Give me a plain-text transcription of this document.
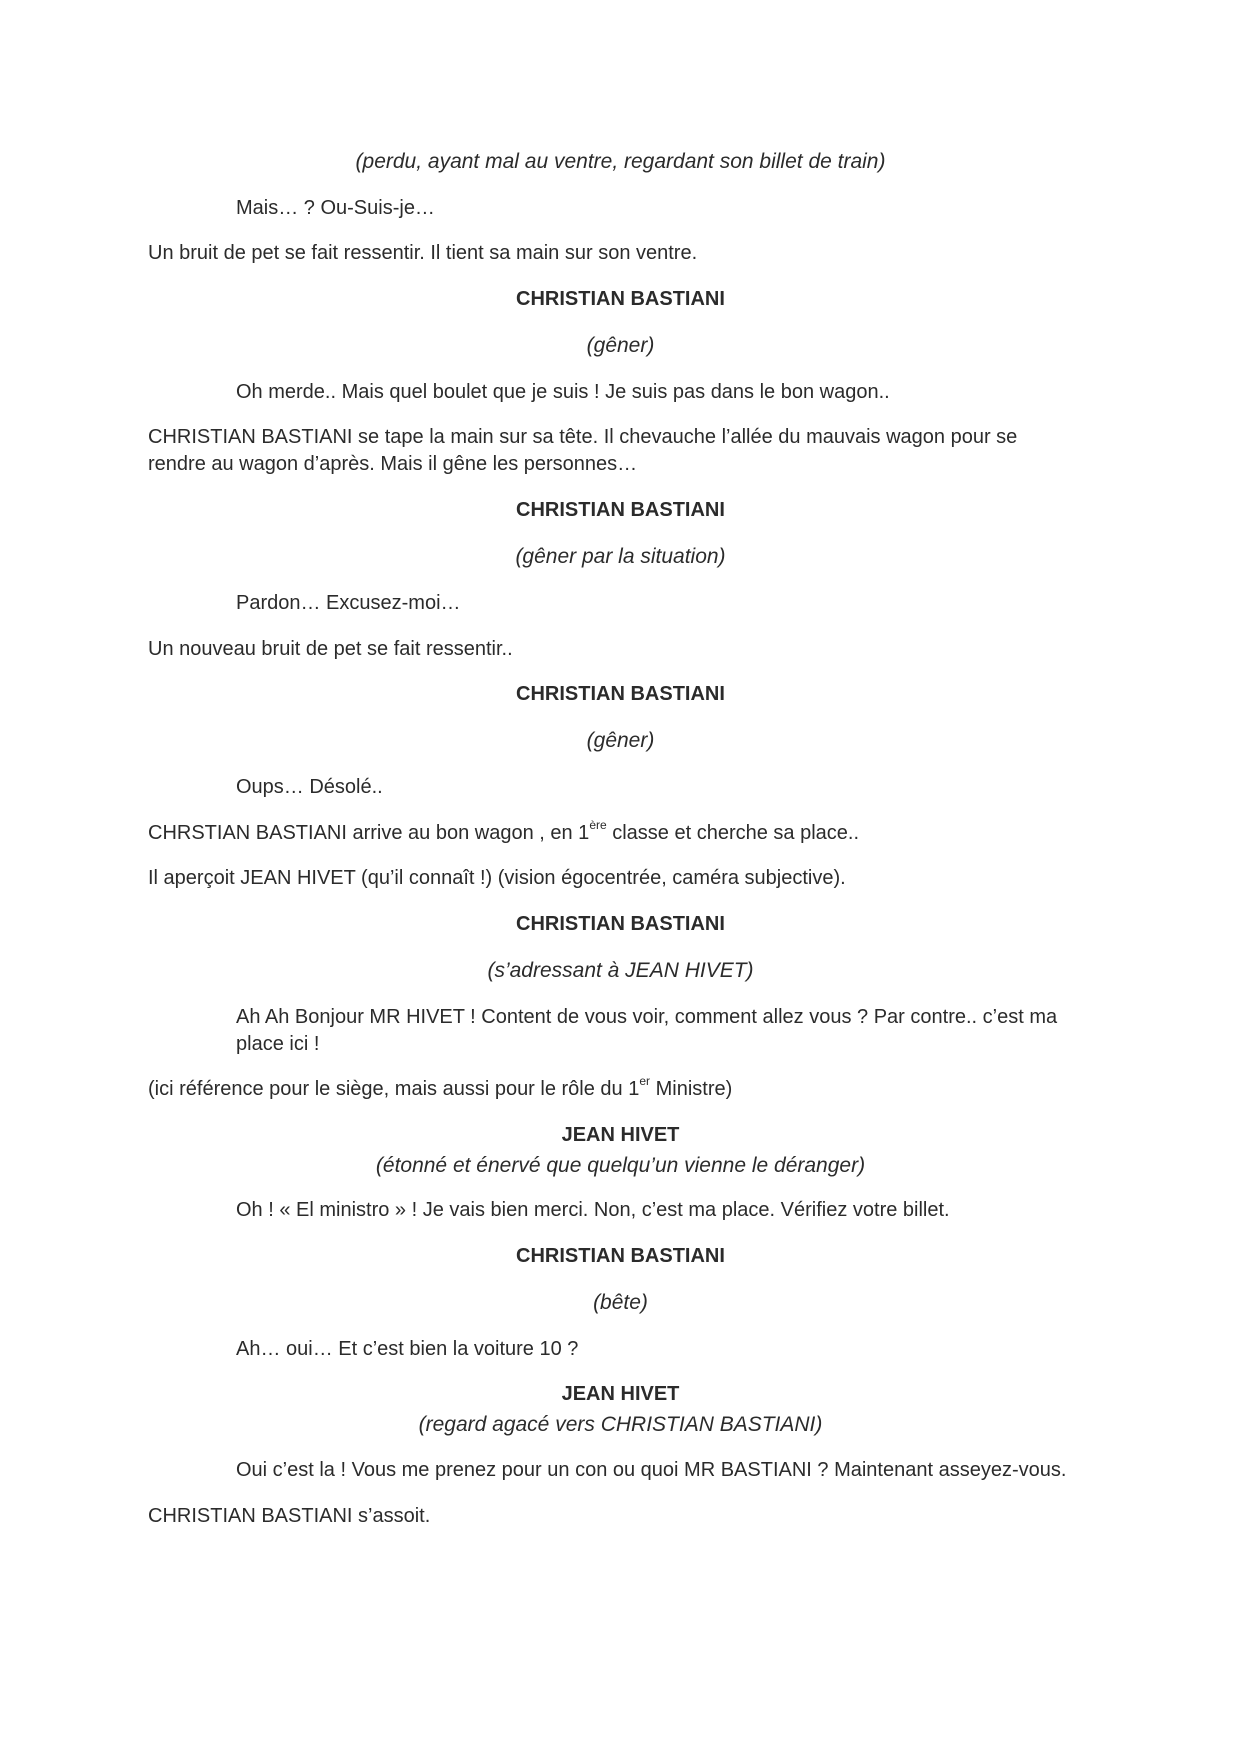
(perdu, ayant mal au ventre, regardant son billet de train)
Mais… ? Ou-Suis-je…
Un bruit de pet se fait ressentir. Il tient sa main sur son ventre.
CHRISTIAN BASTIANI
(gêner)
Oh merde.. Mais quel boulet que je suis ! Je suis pas dans le bon wagon..
CHRISTIAN BASTIANI se tape la main sur sa tête. Il chevauche l’allée du mauvais wagon pour se
rendre au wagon d’après. Mais il gêne les personnes…
CHRISTIAN BASTIANI
(gêner par la situation)
Pardon… Excusez-moi…
Un nouveau bruit de pet se fait ressentir..
CHRISTIAN BASTIANI
(gêner)
Oups… Désolé..
CHRSTIAN BASTIANI arrive au bon wagon , en 1ère classe et cherche sa place..
Il aperçoit JEAN HIVET (qu’il connaît !) (vision égocentrée, caméra subjective).
CHRISTIAN BASTIANI
(s’adressant à JEAN HIVET)
Ah Ah Bonjour MR HIVET ! Content de vous voir, comment allez vous ? Par contre.. c’est ma
place ici !
(ici référence pour le siège, mais aussi pour le rôle du 1er Ministre)
JEAN HIVET
(étonné et énervé que quelqu’un vienne le déranger)
Oh ! « El ministro » ! Je vais bien merci. Non, c’est ma place. Vérifiez votre billet.
CHRISTIAN BASTIANI
(bête)
Ah… oui… Et c’est bien la voiture 10 ?
JEAN HIVET
(regard agacé vers CHRISTIAN BASTIANI)
Oui c’est la ! Vous me prenez pour un con ou quoi MR BASTIANI ? Maintenant asseyez-vous.
CHRISTIAN BASTIANI s’assoit.
